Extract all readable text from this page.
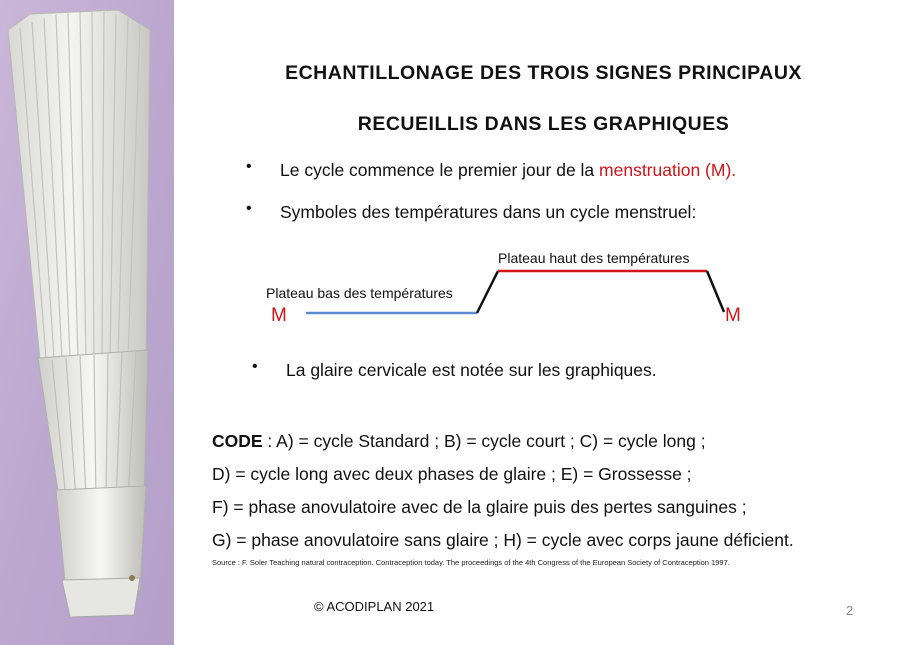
ECHANTILLONAGE DES TROIS SIGNES PRINCIPAUX
RECUEILLIS DANS LES GRAPHIQUES
• Le cycle commence le premier jour de la menstruation (M).
• Symboles des températures dans un cycle menstruel:
Plateau bas des températures
Plateau haut des températures
M	M
• La glaire cervicale est notée sur les graphiques.
CODE : A) = cycle Standard ; B) = cycle court ; C) = cycle long ;
D) = cycle long avec deux phases de glaire ; E) = Grossesse ;
F) = phase anovulatoire avec de la glaire puis des pertes sanguines ;
G) = phase anovulatoire sans glaire ; H) = cycle avec corps jaune déficient.
Source : F. Soler Teaching natural contraception. Contraception today. The proceedings of the 4th Congress of the European Society of Contraception 1997.
© ACODIPLAN 2021	2
